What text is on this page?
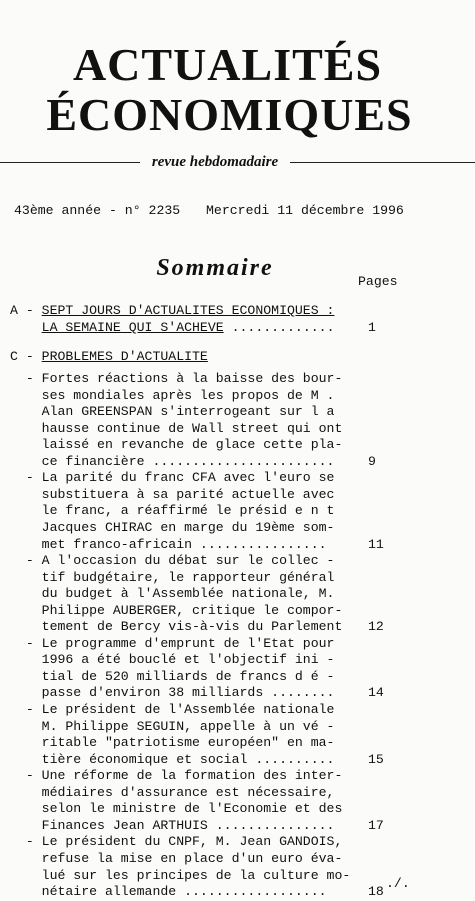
ACTUALITÉS
ÉCONOMIQUES
revue hebdomadaire
43ème année - n° 2235 Mercredi 11 décembre 1996
Sommaire
Pages
A - SEPT JOURS D'ACTUALITES ECONOMIQUES :
LA SEMAINE QUI S'ACHEVE .............	1
C - PROBLEMES D'ACTUALITE
- Fortes réactions à la baisse des bour-
ses mondiales après les propos de M .
Alan GREENSPAN s'interrogeant sur l a
hausse continue de Wall street qui ont
laissé en revanche de glace cette pla-
ce financière .......................	9
- La parité du franc CFA avec l'euro se
substituera à sa parité actuelle avec
le franc, a réaffirmé le présid e n t
Jacques CHIRAC en marge du 19ème som-
met franco-africain ................	11
- A l'occasion du débat sur le collec -
tif budgétaire, le rapporteur général
du budget à l'Assemblée nationale, M.
Philippe AUBERGER, critique le compor-
tement de Bercy vis-à-vis du Parlement 12
- Le programme d'emprunt de l'Etat pour
1996 a été bouclé et l'objectif ini -
tial de 520 milliards de francs d é -
passe d'environ 38 milliards ........	14
- Le président de l'Assemblée nationale
M. Philippe SEGUIN, appelle à un vé -
ritable "patriotisme européen" en ma-
tière économique et social ..........	15
- Une réforme de la formation des inter-
médiaires d'assurance est nécessaire,
selon le ministre de l'Economie et des
Finances Jean ARTHUIS ...............	17
- Le président du CNPF, M. Jean GANDOIS,
refuse la mise en place d'un euro éva-
lué sur les principes de la culture mo-
nétaire allemande ..................	18
./.
